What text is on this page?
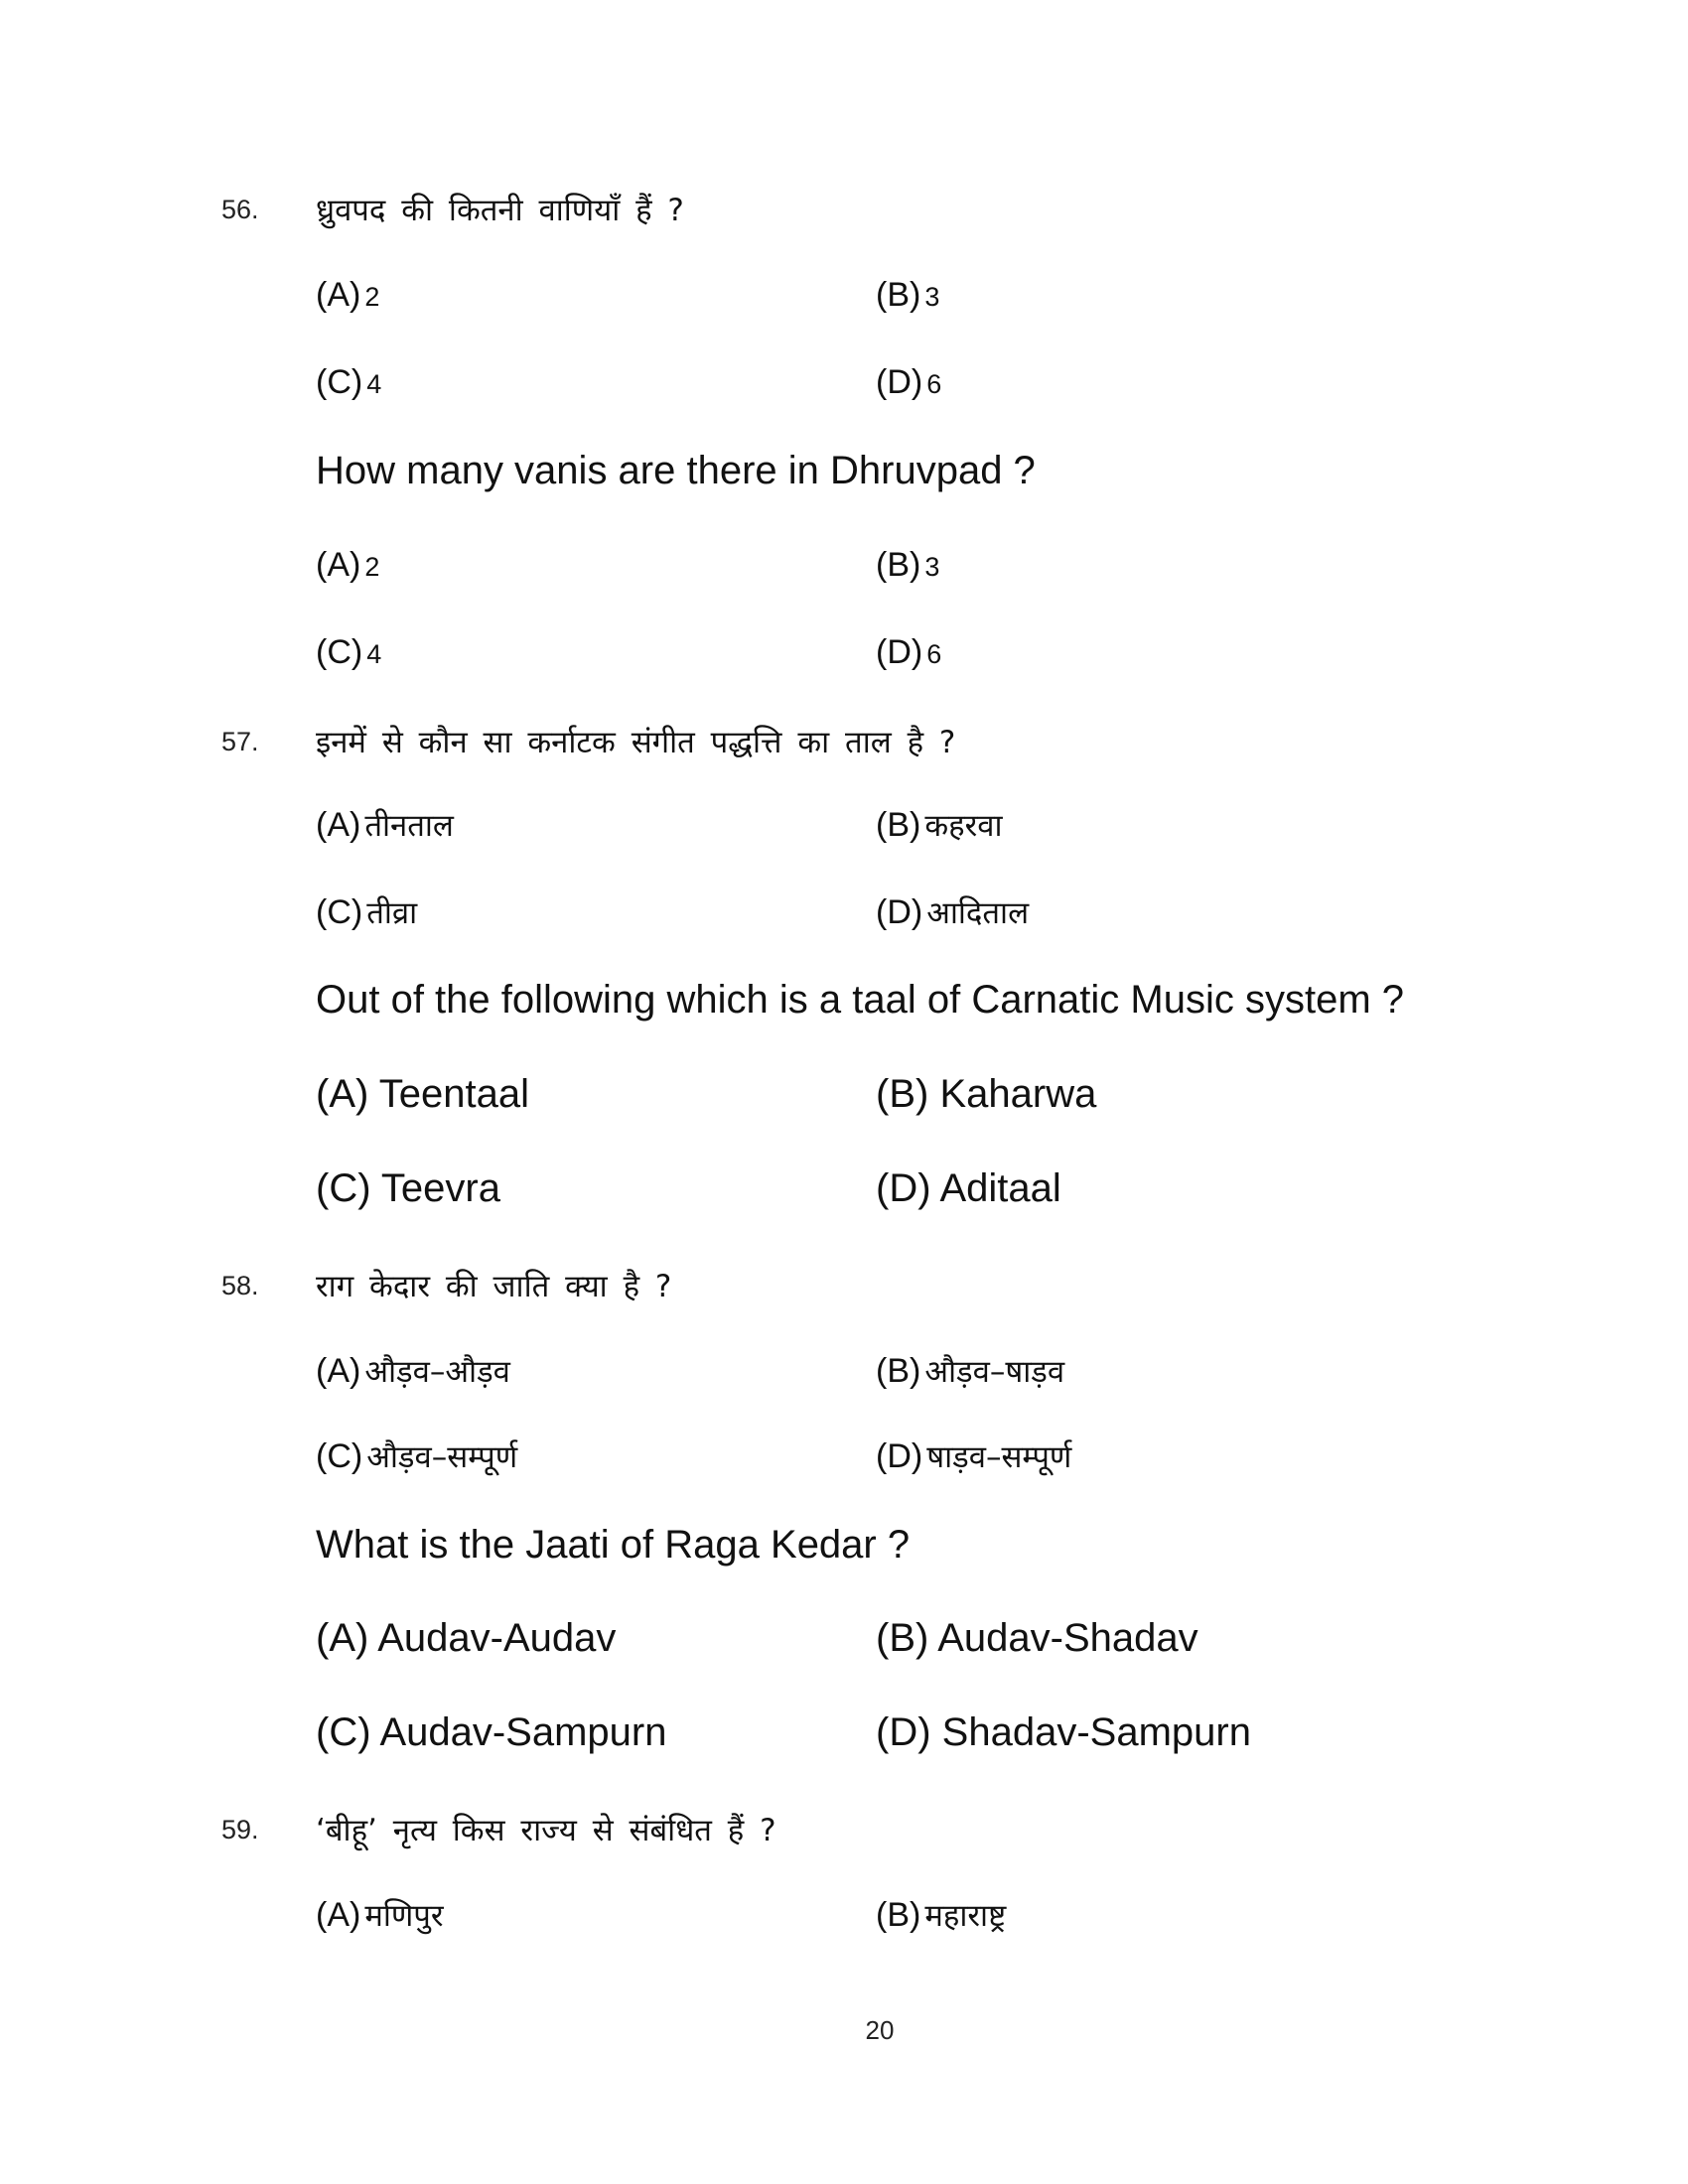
56. ध्रुवपद की कितनी वाणियाँ हैं ?
(A) 2	(B) 3
(C) 4	(D) 6
How many vanis are there in Dhruvpad ?
(A) 2	(B) 3
(C) 4	(D) 6
57. इनमें से कौन सा कर्नाटक संगीत पद्धत्ति का ताल है ?
(A) तीनताल	(B) कहरवा
(C) तीव्रा	(D) आदिताल
Out of the following which is a taal of Carnatic Music system ?
(A) Teentaal	(B) Kaharwa
(C) Teevra	(D) Aditaal
58. राग केदार की जाति क्या है ?
(A) औड़व–औड़व	(B) औड़व–षाड़व
(C) औड़व–सम्पूर्ण	(D) षाड़व–सम्पूर्ण
What is the Jaati of Raga Kedar ?
(A) Audav-Audav	(B) Audav-Shadav
(C) Audav-Sampurn	(D) Shadav-Sampurn
59. ‘बीहू’ नृत्य किस राज्य से संबंधित हैं ?
(A) मणिपुर	(B) महाराष्ट्र
20
